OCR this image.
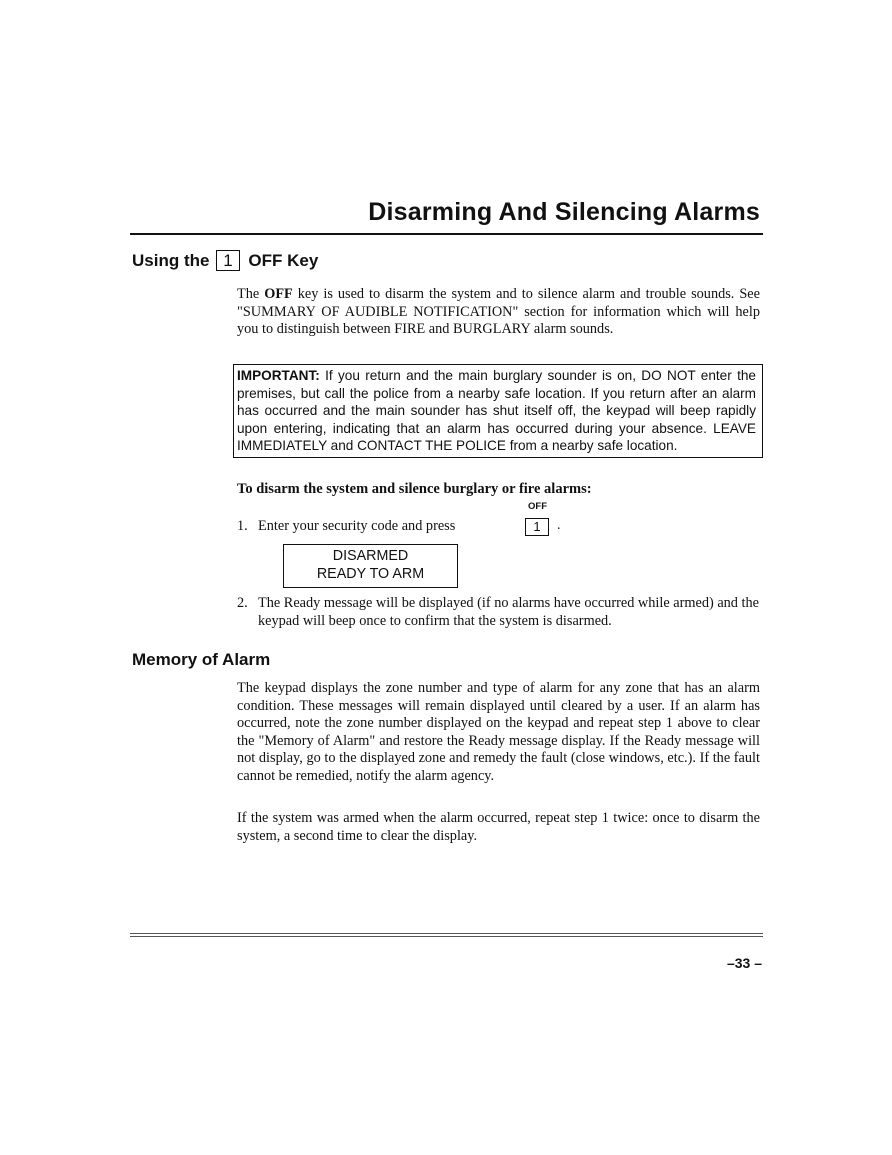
Disarming And Silencing Alarms
Using the 1 OFF Key

The OFF key is used to disarm the system and to silence alarm and trouble sounds. See "SUMMARY OF AUDIBLE NOTIFICATION" section for information which will help you to distinguish between FIRE and BURGLARY alarm sounds.

IMPORTANT: If you return and the main burglary sounder is on, DO NOT enter the premises, but call the police from a nearby safe location. If you return after an alarm has occurred and the main sounder has shut itself off, the keypad will beep rapidly upon entering, indicating that an alarm has occurred during your absence. LEAVE IMMEDIATELY and CONTACT THE POLICE from a nearby safe location.

To disarm the system and silence burglary or fire alarms:

OFF
1. Enter your security code and press	1	.
DISARMED
READY TO ARM
2. The Ready message will be displayed (if no alarms have occurred while armed) and the keypad will beep once to confirm that the system is disarmed.
Memory of Alarm

The keypad displays the zone number and type of alarm for any zone that has an alarm condition. These messages will remain displayed until cleared by a user. If an alarm has occurred, note the zone number displayed on the keypad and repeat step 1 above to clear the "Memory of Alarm" and restore the Ready message display. If the Ready message will not display, go to the displayed zone and remedy the fault (close windows, etc.). If the fault cannot be remedied, notify the alarm agency.

If the system was armed when the alarm occurred, repeat step 1 twice: once to disarm the system, a second time to clear the display.

–33 –
